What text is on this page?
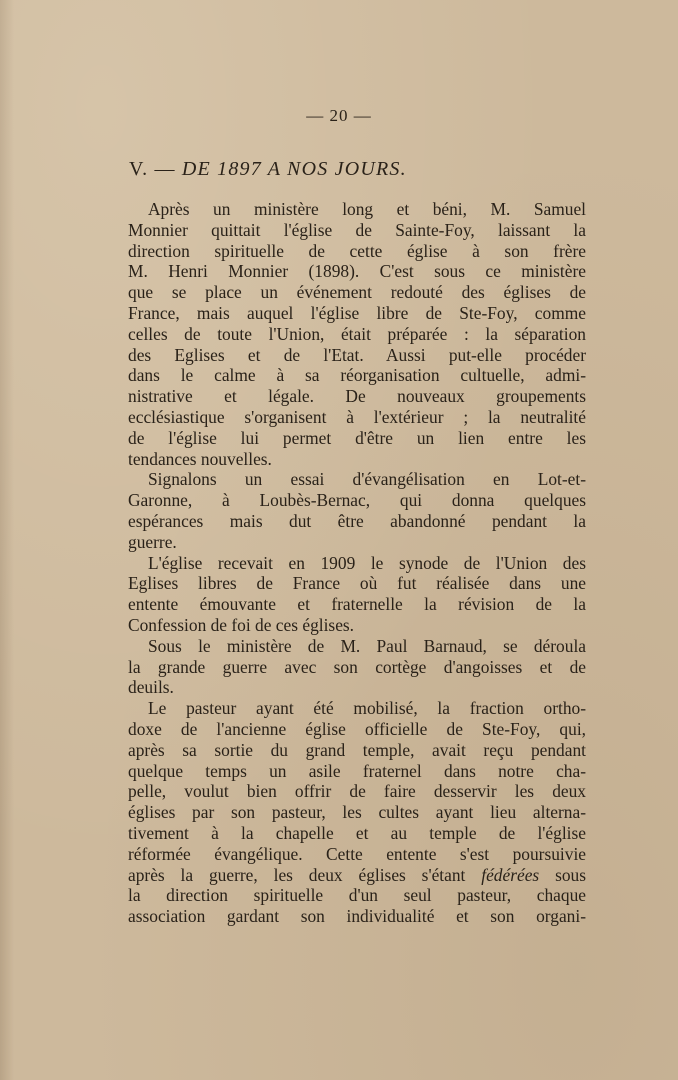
— 20 —
V. — DE 1897 A NOS JOURS.
Après un ministère long et béni, M. Samuel
Monnier quittait l'église de Sainte-Foy, laissant la
direction spirituelle de cette église à son frère
M. Henri Monnier (1898). C'est sous ce ministère
que se place un événement redouté des églises de
France, mais auquel l'église libre de Ste-Foy, comme
celles de toute l'Union, était préparée : la séparation
des Eglises et de l'Etat. Aussi put-elle procéder
dans le calme à sa réorganisation cultuelle, admi-
nistrative et légale. De nouveaux groupements
ecclésiastique s'organisent à l'extérieur ; la neutralité
de l'église lui permet d'être un lien entre les
tendances nouvelles.
Signalons un essai d'évangélisation en Lot-et-
Garonne, à Loubès-Bernac, qui donna quelques
espérances mais dut être abandonné pendant la
guerre.
L'église recevait en 1909 le synode de l'Union des
Eglises libres de France où fut réalisée dans une
entente émouvante et fraternelle la révision de la
Confession de foi de ces églises.
Sous le ministère de M. Paul Barnaud, se déroula
la grande guerre avec son cortège d'angoisses et de
deuils.
Le pasteur ayant été mobilisé, la fraction ortho-
doxe de l'ancienne église officielle de Ste-Foy, qui,
après sa sortie du grand temple, avait reçu pendant
quelque temps un asile fraternel dans notre cha-
pelle, voulut bien offrir de faire desservir les deux
églises par son pasteur, les cultes ayant lieu alterna-
tivement à la chapelle et au temple de l'église
réformée évangélique. Cette entente s'est poursuivie
après la guerre, les deux églises s'étant fédérées sous
la direction spirituelle d'un seul pasteur, chaque
association gardant son individualité et son organi-
